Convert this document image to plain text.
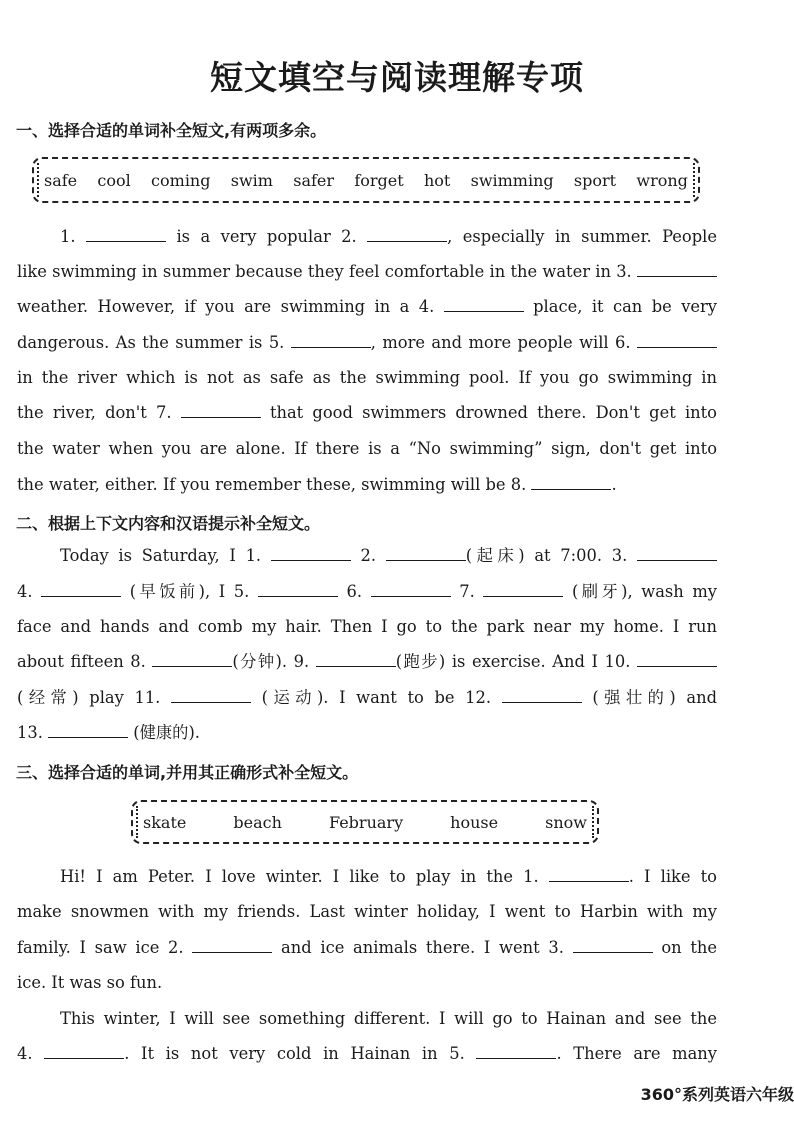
短文填空与阅读理解专项
一、选择合适的单词补全短文,有两项多余。
safe cool coming swim safer forget hot swimming sport wrong
1.	is a very popular 2.	, especially in summer. People
like swimming in summer because they feel comfortable in the water in 3.
weather. However, if you are swimming in a 4.	place, it can be very
dangerous. As the summer is 5.	, more and more people will 6.
in the river which is not as safe as the swimming pool. If you go swimming in
the river, don't 7.	that good swimmers drowned there. Don't get into
the water when you are alone. If there is a “No swimming” sign, don't get into
the water, either. If you remember these, swimming will be 8.	.
二、根据上下文内容和汉语提示补全短文。
Today is Saturday, I 1.	2.	(起床) at 7:00. 3.
4.	(早饭前), I 5.	6.	7.	(刷牙), wash my
face and hands and comb my hair. Then I go to the park near my home. I run
about fifteen 8.	(分钟). 9.	(跑步) is exercise. And I 10.
(经常) play 11.	(运动). I want to be 12.	(强壮的) and
13.	(健康的).
三、选择合适的单词,并用其正确形式补全短文。
skate	beach	February	house	snow
Hi! I am Peter. I love winter. I like to play in the 1.	. I like to
make snowmen with my friends. Last winter holiday, I went to Harbin with my
family. I saw ice 2.	and ice animals there. I went 3.	on the
ice. It was so fun.
This winter, I will see something different. I will go to Hainan and see the
4.	. It is not very cold in Hainan in 5.	. There are many
360°系列英语六年级
